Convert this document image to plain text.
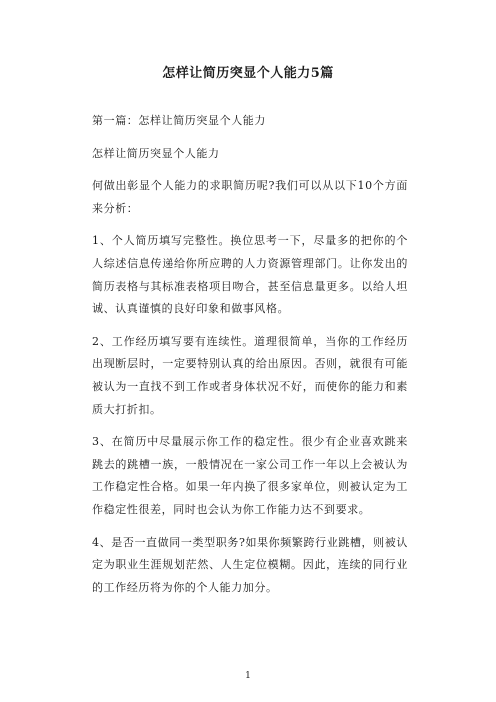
怎样让简历突显个人能力5篇

第一篇：怎样让简历突显个人能力

怎样让简历突显个人能力

何做出彰显个人能力的求职简历呢?我们可以从以下10个方面来分析：

1、个人简历填写完整性。换位思考一下，尽量多的把你的个人综述信息传递给你所应聘的人力资源管理部门。让你发出的简历表格与其标准表格项目吻合，甚至信息量更多。以给人坦诚、认真谨慎的良好印象和做事风格。

2、工作经历填写要有连续性。道理很简单，当你的工作经历出现断层时，一定要特别认真的给出原因。否则，就很有可能被认为一直找不到工作或者身体状况不好，而使你的能力和素质大打折扣。

3、在简历中尽量展示你工作的稳定性。很少有企业喜欢跳来跳去的跳槽一族，一般情况在一家公司工作一年以上会被认为工作稳定性合格。如果一年内换了很多家单位，则被认定为工作稳定性很差，同时也会认为你工作能力达不到要求。

4、是否一直做同一类型职务?如果你频繁跨行业跳槽，则被认定为职业生涯规划茫然、人生定位模糊。因此，连续的同行业的工作经历将为你的个人能力加分。

1
